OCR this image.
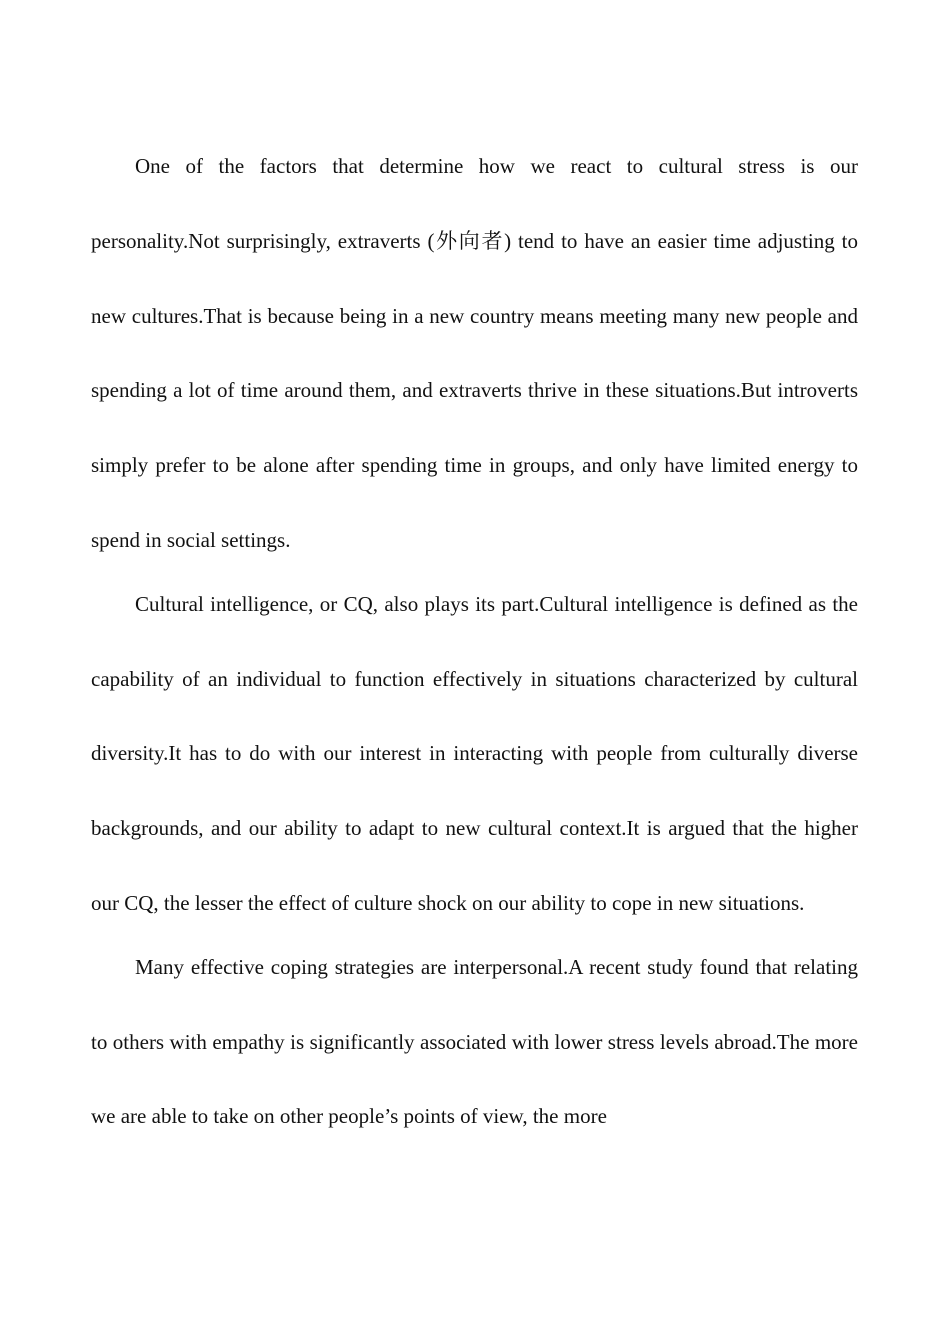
One of the factors that determine how we react to cultural stress is our personality.Not surprisingly, extraverts (外向者) tend to have an easier time adjusting to new cultures.That is because being in a new country means meeting many new people and spending a lot of time around them, and extraverts thrive in these situations.But introverts simply prefer to be alone after spending time in groups, and only have limited energy to spend in social settings.

Cultural intelligence, or CQ, also plays its part.Cultural intelligence is defined as the capability of an individual to function effectively in situations characterized by cultural diversity.It has to do with our interest in interacting with people from culturally diverse backgrounds, and our ability to adapt to new cultural context.It is argued that the higher our CQ, the lesser the effect of culture shock on our ability to cope in new situations.

Many effective coping strategies are interpersonal.A recent study found that relating to others with empathy is significantly associated with lower stress levels abroad.The more we are able to take on other people’s points of view, the more
